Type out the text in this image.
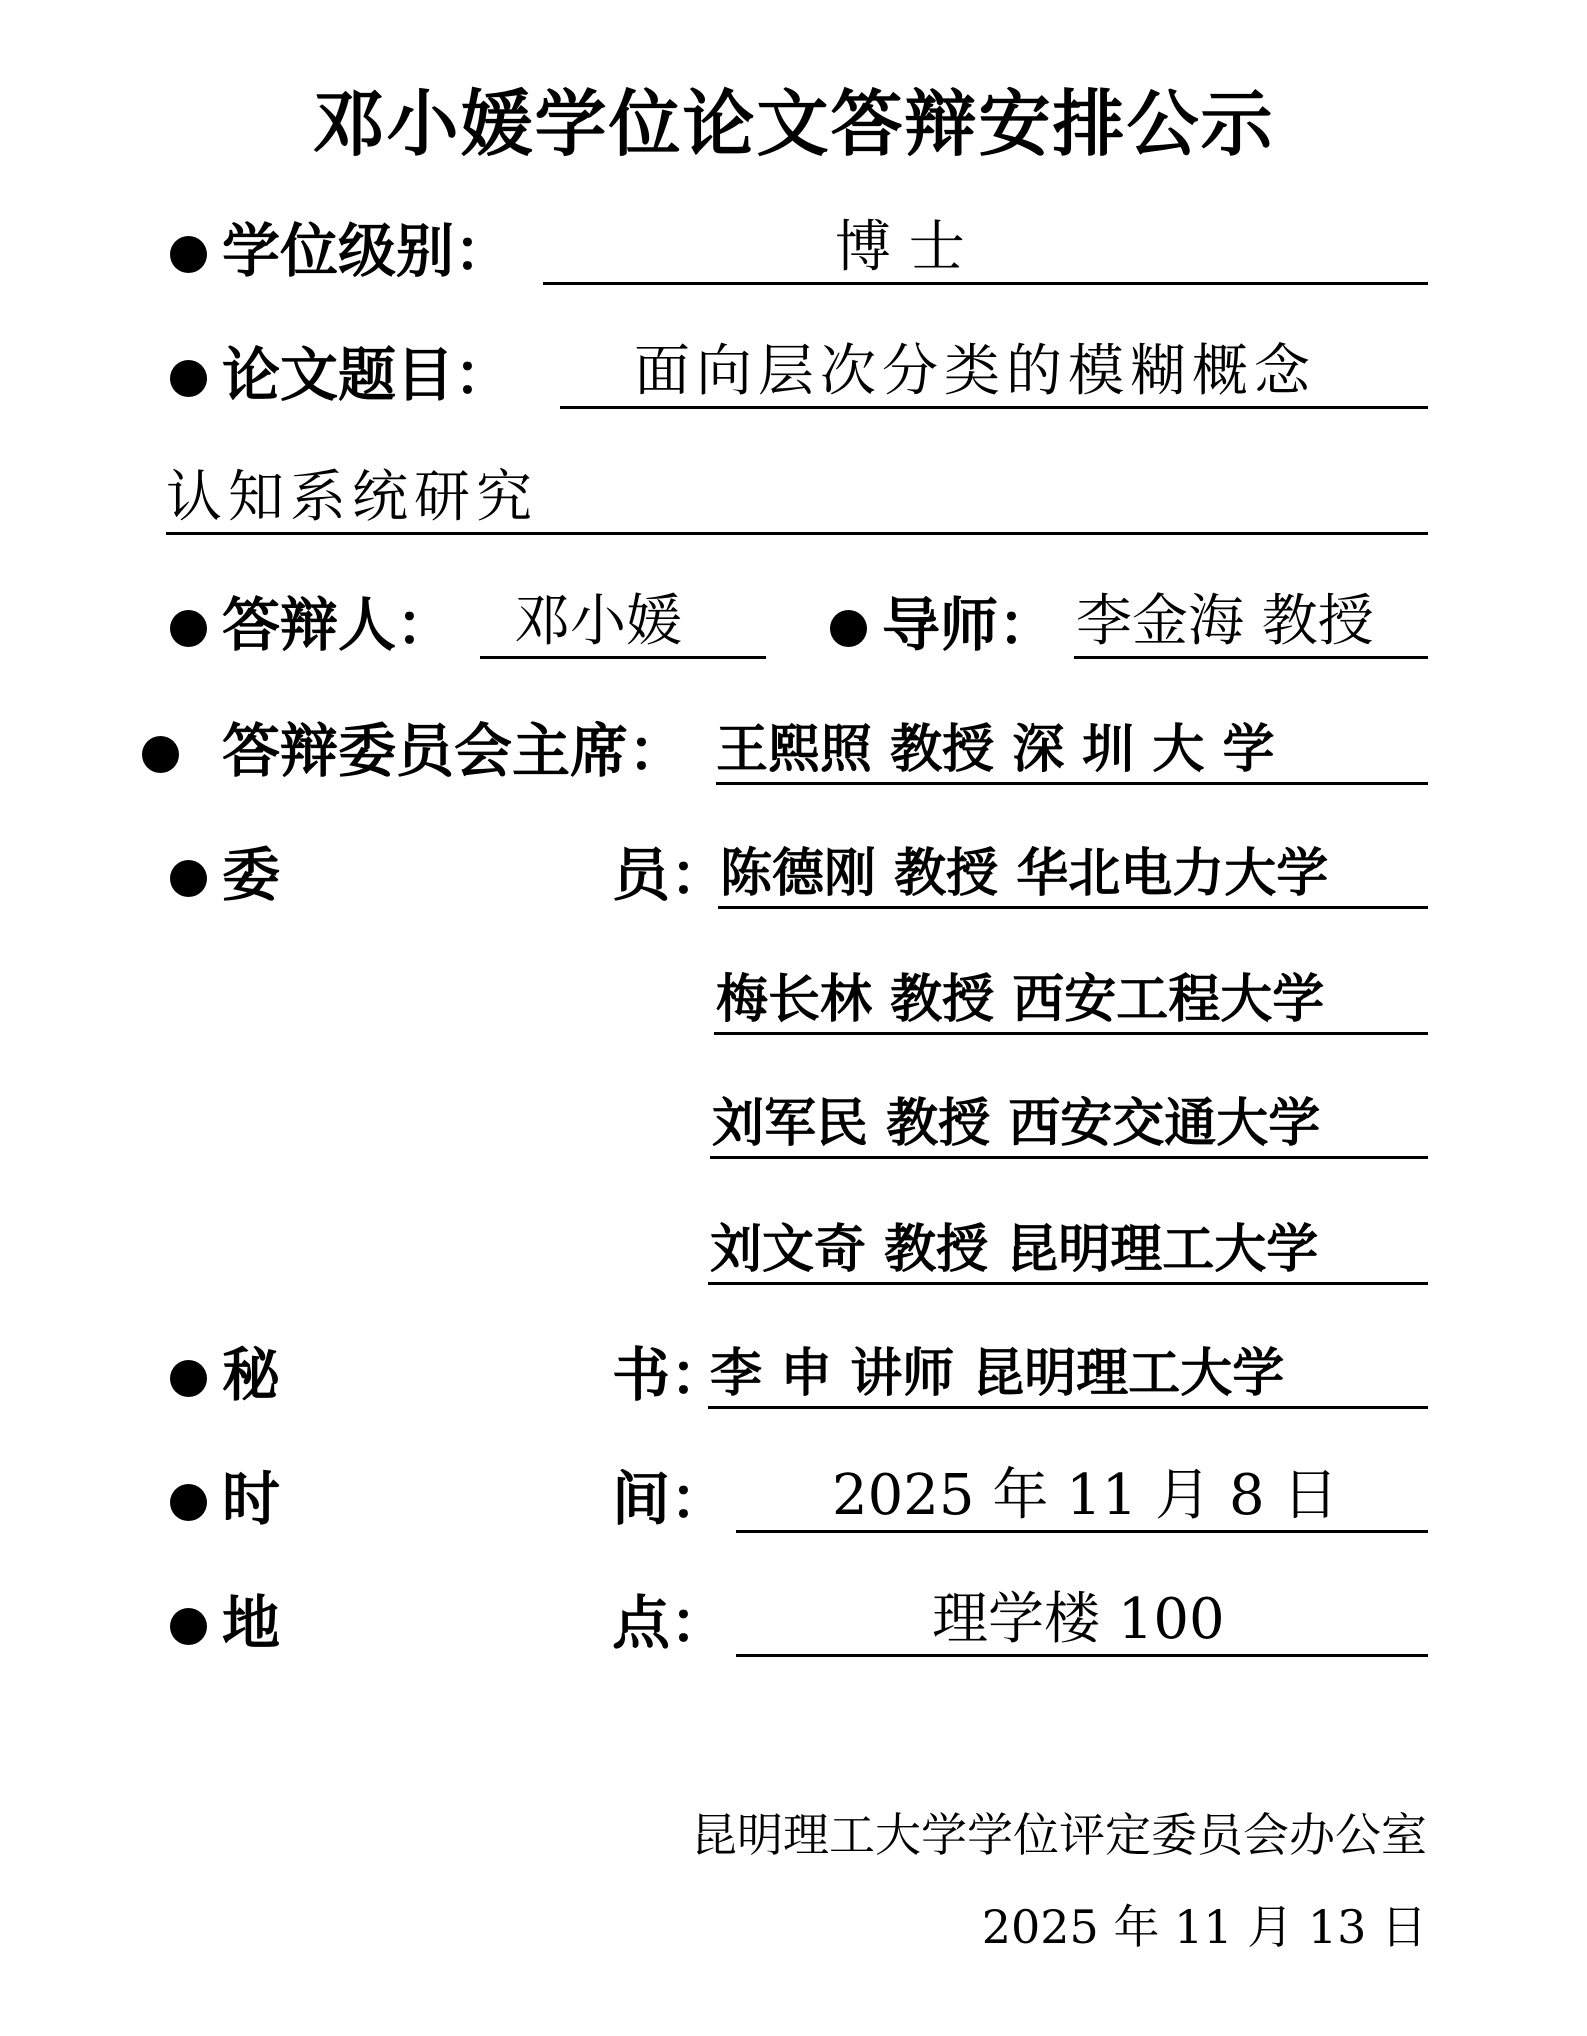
邓小媛学位论文答辩安排公示
学位级别：	博 士
论文题目： 面向层次分类的模糊概念
认知系统研究
答辩人： 邓小媛	导师： 李金海 教授
答辩委员会主席： 王熙照 教授 深 圳 大 学
委	员：
陈德刚 教授 华北电力大学
梅长林 教授 西安工程大学
刘军民 教授 西安交通大学
刘文奇 教授 昆明理工大学
秘	书：
李 申 讲师 昆明理工大学
时	间： 2025 年 11 月 8 日
地	点：	理学楼 100
昆明理工大学学位评定委员会办公室
2025 年 11 月 13 日
